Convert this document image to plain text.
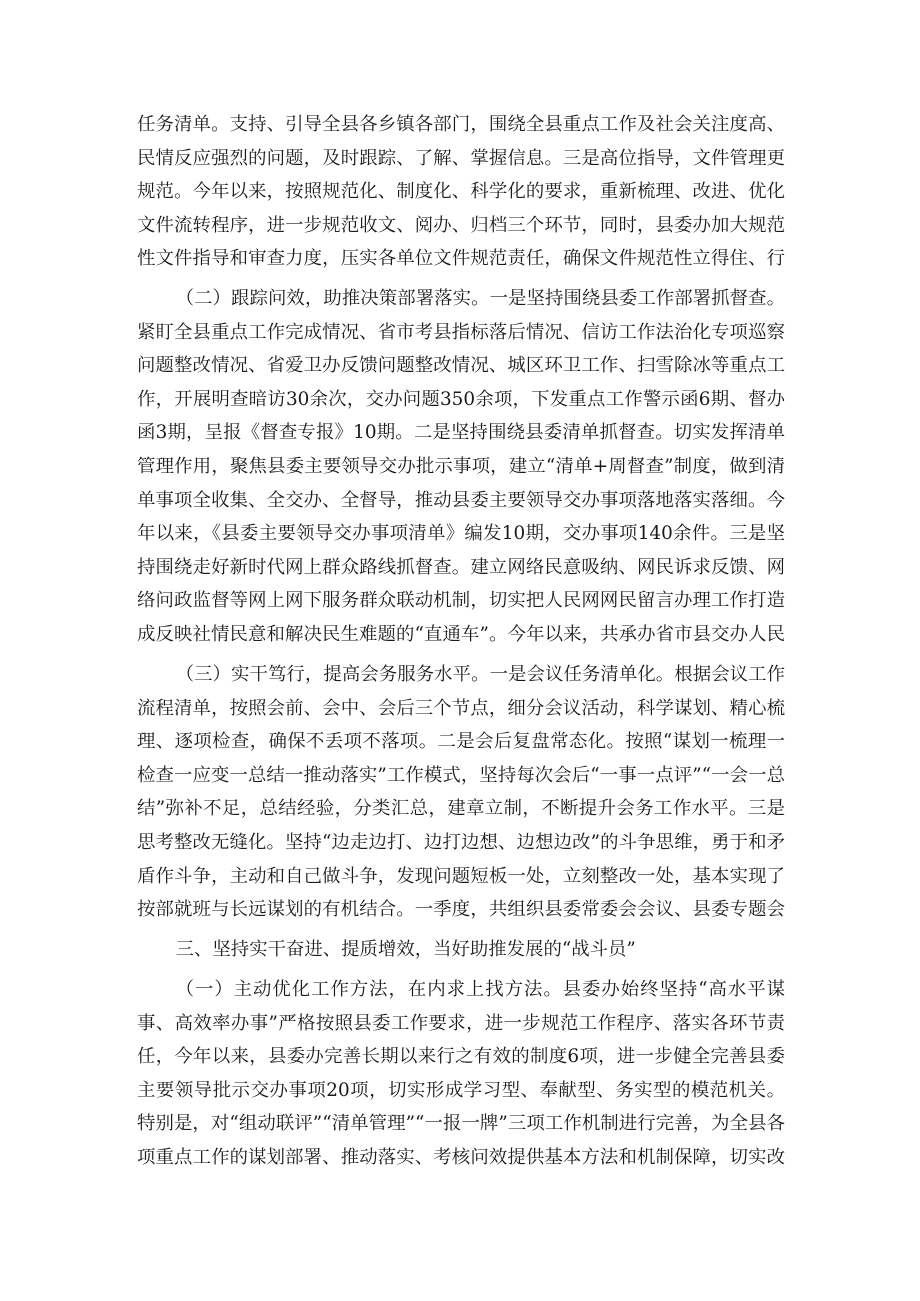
任务清单。支持、引导全县各乡镇各部门，围绕全县重点工作及社会关注度高、民情反应强烈的问题，及时跟踪、了解、掌握信息。三是高位指导，文件管理更规范。今年以来，按照规范化、制度化、科学化的要求，重新梳理、改进、优化文件流转程序，进一步规范收文、阅办、归档三个环节，同时，县委办加大规范性文件指导和审查力度，压实各单位文件规范责任，确保文件规范性立得住、行

（二）跟踪问效，助推决策部署落实。一是坚持围绕县委工作部署抓督查。紧盯全县重点工作完成情况、省市考县指标落后情况、信访工作法治化专项巡察问题整改情况、省爱卫办反馈问题整改情况、城区环卫工作、扫雪除冰等重点工作，开展明查暗访30余次，交办问题350余项，下发重点工作警示函6期、督办函3期，呈报《督查专报》10期。二是坚持围绕县委清单抓督查。切实发挥清单管理作用，聚焦县委主要领导交办批示事项，建立“清单+周督查”制度，做到清单事项全收集、全交办、全督导，推动县委主要领导交办事项落地落实落细。今年以来，《县委主要领导交办事项清单》编发10期，交办事项140余件。三是坚持围绕走好新时代网上群众路线抓督查。建立网络民意吸纳、网民诉求反馈、网络问政监督等网上网下服务群众联动机制，切实把人民网网民留言办理工作打造成反映社情民意和解决民生难题的“直通车”。今年以来，共承办省市县交办人民

（三）实干笃行，提高会务服务水平。一是会议任务清单化。根据会议工作流程清单，按照会前、会中、会后三个节点，细分会议活动，科学谋划、精心梳理、逐项检查，确保不丢项不落项。二是会后复盘常态化。按照“谋划一梳理一检查一应变一总结一推动落实”工作模式，坚持每次会后“一事一点评”“一会一总结”弥补不足，总结经验，分类汇总，建章立制，不断提升会务工作水平。三是思考整改无缝化。坚持“边走边打、边打边想、边想边改”的斗争思维，勇于和矛盾作斗争，主动和自己做斗争，发现问题短板一处，立刻整改一处，基本实现了按部就班与长远谋划的有机结合。一季度，共组织县委常委会会议、县委专题会

三、坚持实干奋进、提质增效，当好助推发展的“战斗员”

（一）主动优化工作方法，在内求上找方法。县委办始终坚持“高水平谋事、高效率办事”严格按照县委工作要求，进一步规范工作程序、落实各环节责任，今年以来，县委办完善长期以来行之有效的制度6项，进一步健全完善县委主要领导批示交办事项20项，切实形成学习型、奉献型、务实型的模范机关。特别是，对“组动联评”“清单管理”“一报一牌”三项工作机制进行完善，为全县各项重点工作的谋划部署、推动落实、考核问效提供基本方法和机制保障，切实改
